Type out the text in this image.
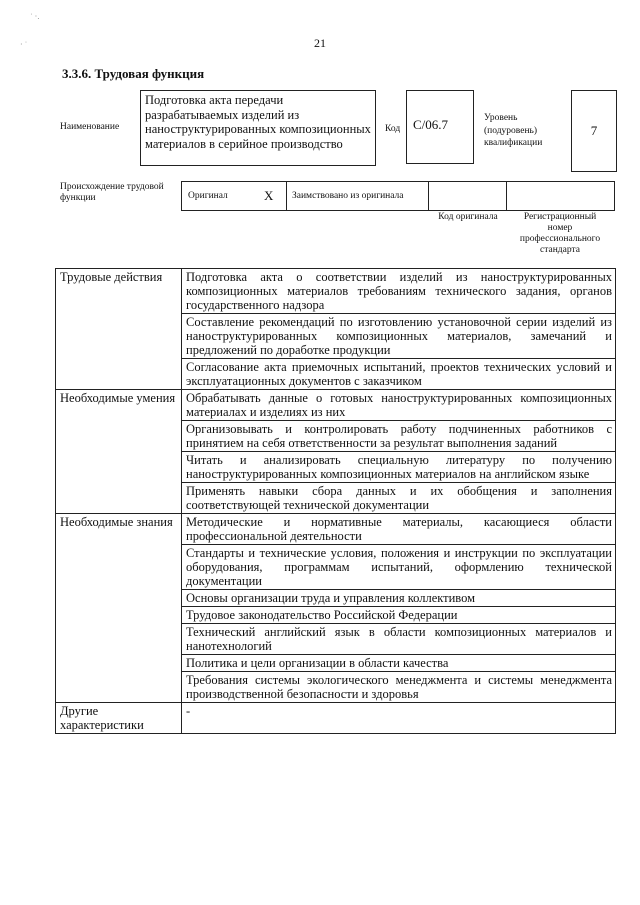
˙ ·.
· ˙	21
3.3.6. Трудовая функция
Наименование
Подготовка акта передачи разрабатываемых изделий из наноструктурированных композиционных материалов в серийное производство
Код С/06.7	Уровень (подуровень) квалификации
7
Происхождение трудовой функции	Оригинал	X Заимствовано из оригинала
Код оригинала	Регистрационный номер профессионального стандарта
Трудовые действия	Подготовка акта о соответствии изделий из наноструктурированных композиционных материалов требованиям технического задания, органов государственного надзора
	Составление рекомендаций по изготовлению установочной серии изделий из наноструктурированных композиционных материалов, замечаний и предложений по доработке продукции
	Согласование акта приемочных испытаний, проектов технических условий и эксплуатационных документов с заказчиком
Необходимые умения	Обрабатывать данные о готовых наноструктурированных композиционных материалах и изделиях из них
	Организовывать и контролировать работу подчиненных работников с принятием на себя ответственности за результат выполнения заданий
	Читать и анализировать специальную литературу по получению наноструктурированных композиционных материалов на английском языке
	Применять навыки сбора данных и их обобщения и заполнения соответствующей технической документации
Необходимые знания	Методические и нормативные материалы, касающиеся области профессиональной деятельности
	Стандарты и технические условия, положения и инструкции по эксплуатации оборудования, программам испытаний, оформлению технической документации
	Основы организации труда и управления коллективом
	Трудовое законодательство Российской Федерации
	Технический английский язык в области композиционных материалов и нанотехнологий
	Политика и цели организации в области качества
	Требования системы экологического менеджмента и системы менеджмента производственной безопасности и здоровья
Другие характеристики	-
